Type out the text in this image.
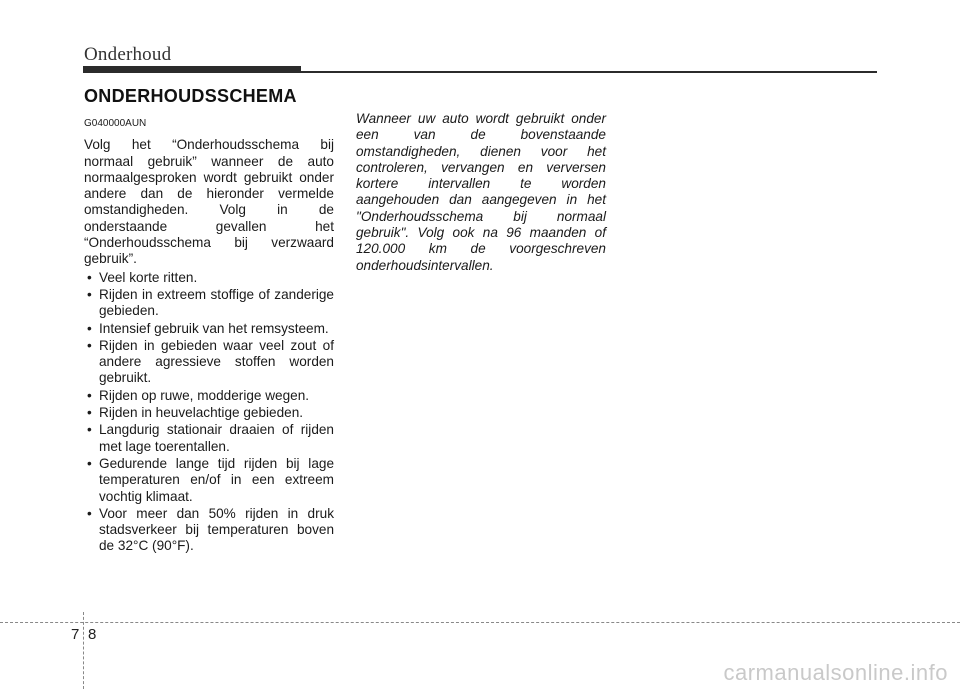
Onderhoud
ONDERHOUDSSCHEMA
G040000AUN

Volg het “Onderhoudsschema bij normaal gebruik” wanneer de auto normaalgesproken wordt gebruikt onder andere dan de hieronder vermelde omstandigheden. Volg in de onderstaande gevallen het “Onderhoudsschema bij verzwaard gebruik”.

• Veel korte ritten.
• Rijden in extreem stoffige of zanderige gebieden.
• Intensief gebruik van het remsysteem.
• Rijden in gebieden waar veel zout of andere agressieve stoffen worden gebruikt.
• Rijden op ruwe, modderige wegen.
• Rijden in heuvelachtige gebieden.
• Langdurig stationair draaien of rijden met lage toerentallen.
• Gedurende lange tijd rijden bij lage temperaturen en/of in een extreem vochtig klimaat.
• Voor meer dan 50% rijden in druk stadsverkeer bij temperaturen boven de 32°C (90°F).
Wanneer uw auto wordt gebruikt onder een van de bovenstaande omstandigheden, dienen voor het controleren, vervangen en verversen kortere intervallen te worden aangehouden dan aangegeven in het "Onderhoudsschema bij normaal gebruik". Volg ook na 96 maanden of 120.000 km de voorgeschreven onderhoudsintervallen.
7 8
carmanualsonline.info
